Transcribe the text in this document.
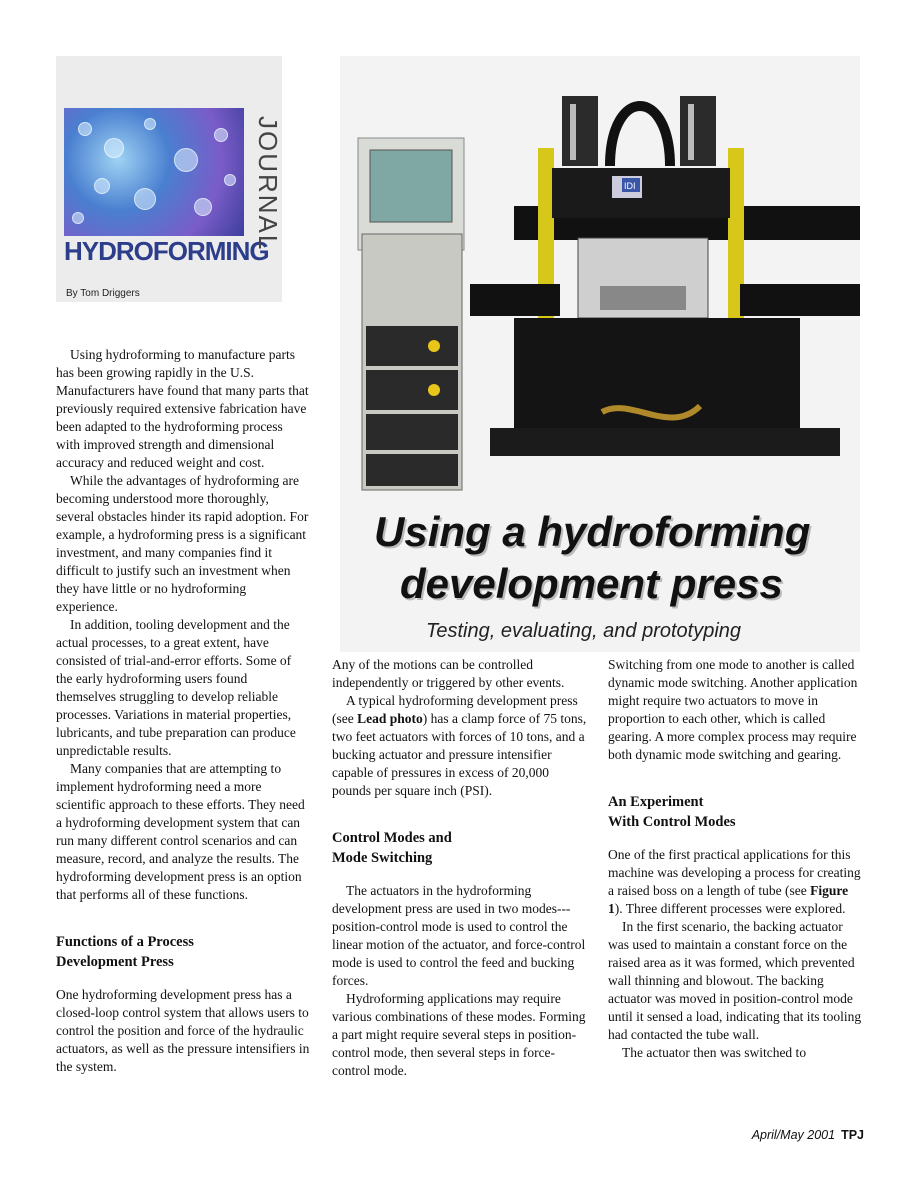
HYDROFORMING
JOURNAL
By Tom Driggers
IDI
Using a hydroforming
development press
Testing, evaluating, and prototyping

Using hydroforming to manufacture parts has been growing rapidly in the U.S. Manufacturers have found that many parts that previously required extensive fabrication have been adapted to the hydroforming process with improved strength and dimensional accuracy and reduced weight and cost.

While the advantages of hydroforming are becoming understood more thoroughly, several obstacles hinder its rapid adoption. For example, a hydroforming press is a significant investment, and many companies find it difficult to justify such an investment when they have little or no hydroforming experience.

In addition, tooling development and the actual processes, to a great extent, have consisted of trial-and-error efforts. Some of the early hydroforming users found themselves struggling to develop reliable processes. Variations in material properties, lubricants, and tube preparation can produce unpredictable results.

Many companies that are attempting to implement hydroforming need a more scientific approach to these efforts. They need a hydroforming development system that can run many different control scenarios and can measure, record, and analyze the results. The hydroforming development press is an option that performs all of these functions.

Functions of a Process
Development Press

One hydroforming development press has a closed-loop control system that allows users to control the position and force of the hydraulic actuators, as well as the pressure intensifiers in the system.

Any of the motions can be controlled independently or triggered by other events.

A typical hydroforming development press (see Lead photo) has a clamp force of 75 tons, two feet actuators with forces of 10 tons, and a bucking actuator and pressure intensifier capable of pressures in excess of 20,000 pounds per square inch (PSI).

Control Modes and
Mode Switching

The actuators in the hydroforming development press are used in two modes---position-control mode is used to control the linear motion of the actuator, and force-control mode is used to control the feed and bucking forces.

Hydroforming applications may require various combinations of these modes. Forming a part might require several steps in position-control mode, then several steps in force-control mode.

Switching from one mode to another is called dynamic mode switching. Another application might require two actuators to move in proportion to each other, which is called gearing. A more complex process may require both dynamic mode switching and gearing.

An Experiment
With Control Modes

One of the first practical applications for this machine was developing a process for creating a raised boss on a length of tube (see Figure 1). Three different processes were explored.

In the first scenario, the backing actuator was used to maintain a constant force on the raised area as it was formed, which prevented wall thinning and blowout. The backing actuator was moved in position-control mode until it sensed a load, indicating that its tooling had contacted the tube wall.

The actuator then was switched to

April/May 2001 TPJ
